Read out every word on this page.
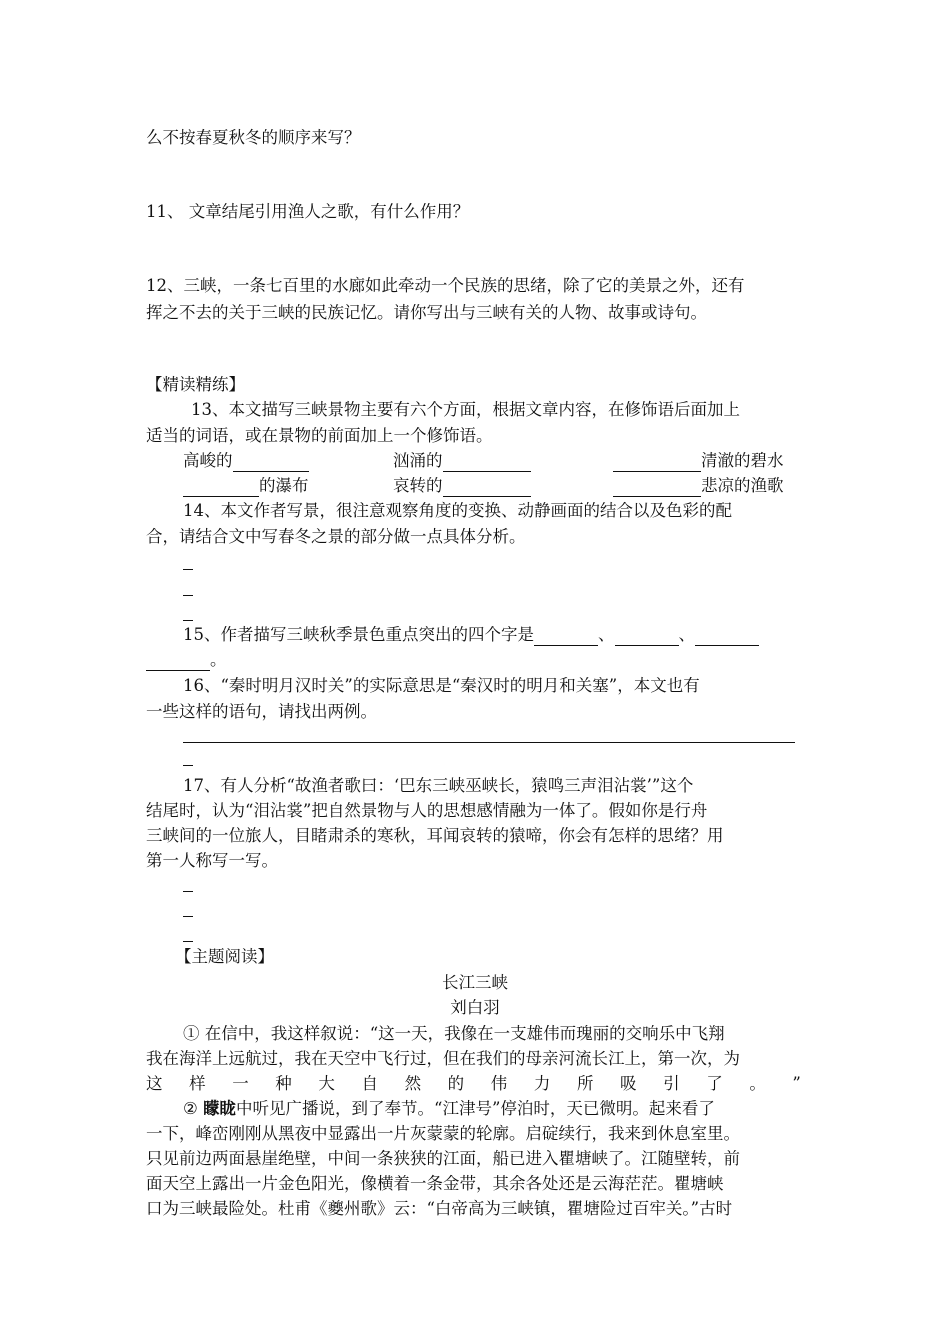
么不按春夏秋冬的顺序来写？
11、 文章结尾引用渔人之歌，有什么作用？
12、三峡，一条七百里的水廊如此牵动一个民族的思绪，除了它的美景之外，还有
挥之不去的关于三峡的民族记忆。请你写出与三峡有关的人物、故事或诗句。
【精读精练】
13、本文描写三峡景物主要有六个方面，根据文章内容，在修饰语后面加上
适当的词语，或在景物的前面加上一个修饰语。
高峻的	汹涌的	清澈的碧水
的瀑布	哀转的	悲凉的渔歌
14、本文作者写景，很注意观察角度的变换、动静画面的结合以及色彩的配
合，请结合文中写春冬之景的部分做一点具体分析。
15、作者描写三峡秋季景色重点突出的四个字是	、	、
。
16、“秦时明月汉时关”的实际意思是“秦汉时的明月和关塞”，本文也有
一些这样的语句，请找出两例。
17、有人分析“故渔者歌曰：‘巴东三峡巫峡长，猿鸣三声泪沾裳’”这个
结尾时，认为“泪沾裳”把自然景物与人的思想感情融为一体了。假如你是行舟
三峡间的一位旅人，目睹肃杀的寒秋，耳闻哀转的猿啼，你会有怎样的思绪？用
第一人称写一写。
【主题阅读】
长江三峡
刘白羽
① 在信中，我这样叙说：“这一天，我像在一支雄伟而瑰丽的交响乐中飞翔
我在海洋上远航过，我在天空中飞行过，但在我们的母亲河流长江上，第一次，为
这 样 一 种 大 自 然 的 伟 力 所 吸 引 了 。 ”
② 矇眬中听见广播说，到了奉节。“江津号”停泊时，天已微明。起来看了
一下，峰峦刚刚从黑夜中显露出一片灰蒙蒙的轮廓。启碇续行，我来到休息室里。
只见前边两面悬崖绝壁，中间一条狭狭的江面，船已进入瞿塘峡了。江随壁转，前
面天空上露出一片金色阳光，像横着一条金带，其余各处还是云海茫茫。瞿塘峡
口为三峡最险处。杜甫《夔州歌》云：“白帝高为三峡镇，瞿塘险过百牢关。”古时
